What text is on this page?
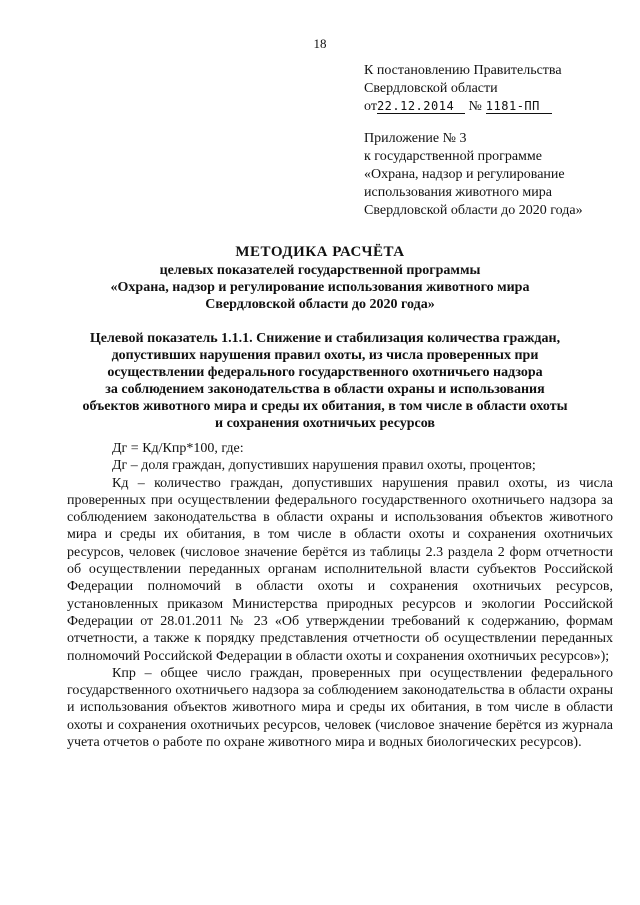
18
К постановлению Правительства
Свердловской области
от22.12.2014 № 1181-ПП
Приложение № 3
к государственной программе
«Охрана, надзор и регулирование
использования животного мира
Свердловской области до 2020 года»
МЕТОДИКА РАСЧЁТА
целевых показателей государственной программы
«Охрана, надзор и регулирование использования животного мира
Свердловской области до 2020 года»
Целевой показатель 1.1.1. Снижение и стабилизация количества граждан,
допустивших нарушения правил охоты, из числа проверенных при
осуществлении федерального государственного охотничьего надзора
за соблюдением законодательства в области охраны и использования
объектов животного мира и среды их обитания, в том числе в области охоты
и сохранения охотничьих ресурсов

Дг = Кд/Кпр*100, где:

Дг – доля граждан, допустивших нарушения правил охоты, процентов;

Кд – количество граждан, допустивших нарушения правил охоты, из числа проверенных при осуществлении федерального государственного охотничьего надзора за соблюдением законодательства в области охраны и использования объектов животного мира и среды их обитания, в том числе в области охоты и сохранения охотничьих ресурсов, человек (числовое значение берётся из таблицы 2.3 раздела 2 форм отчетности об осуществлении переданных органам исполнительной власти субъектов Российской Федерации полномочий в области охоты и сохранения охотничьих ресурсов, установленных приказом Министерства природных ресурсов и экологии Российской Федерации от 28.01.2011 № 23 «Об утверждении требований к содержанию, формам отчетности, а также к порядку представления отчетности об осуществлении переданных полномочий Российской Федерации в области охоты и сохранения охотничьих ресурсов»);

Кпр – общее число граждан, проверенных при осуществлении федерального государственного охотничьего надзора за соблюдением законодательства в области охраны и использования объектов животного мира и среды их обитания, в том числе в области охоты и сохранения охотничьих ресурсов, человек (числовое значение берётся из журнала учета отчетов о работе по охране животного мира и водных биологических ресурсов).
